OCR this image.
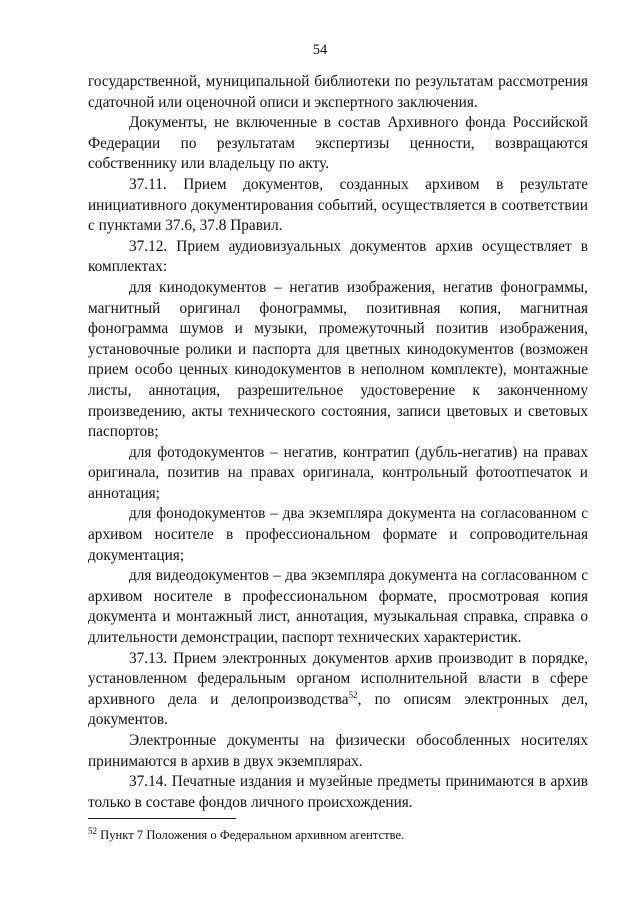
54

государственной, муниципальной библиотеки по результатам рассмотрения сдаточной или оценочной описи и экспертного заключения.

Документы, не включенные в состав Архивного фонда Российской Федерации по результатам экспертизы ценности, возвращаются собственнику или владельцу по акту.

37.11. Прием документов, созданных архивом в результате инициативного документирования событий, осуществляется в соответствии с пунктами 37.6, 37.8 Правил.

37.12. Прием аудиовизуальных документов архив осуществляет в комплектах:

для кинодокументов – негатив изображения, негатив фонограммы, магнитный оригинал фонограммы, позитивная копия, магнитная фонограмма шумов и музыки, промежуточный позитив изображения, установочные ролики и паспорта для цветных кинодокументов (возможен прием особо ценных кинодокументов в неполном комплекте), монтажные листы, аннотация, разрешительное удостоверение к законченному произведению, акты технического состояния, записи цветовых и световых паспортов;

для фотодокументов – негатив, контратип (дубль-негатив) на правах оригинала, позитив на правах оригинала, контрольный фотоотпечаток и аннотация;

для фонодокументов – два экземпляра документа на согласованном с архивом носителе в профессиональном формате и сопроводительная документация;

для видеодокументов – два экземпляра документа на согласованном с архивом носителе в профессиональном формате, просмотровая копия документа и монтажный лист, аннотация, музыкальная справка, справка о длительности демонстрации, паспорт технических характеристик.

37.13. Прием электронных документов архив производит в порядке, установленном федеральным органом исполнительной власти в сфере архивного дела и делопроизводства$^{52}$, по описям электронных дел, документов.

Электронные документы на физически обособленных носителях принимаются в архив в двух экземплярах.

37.14. Печатные издания и музейные предметы принимаются в архив только в составе фондов личного происхождения.

$^{52}$ Пункт 7 Положения о Федеральном архивном агентстве.
